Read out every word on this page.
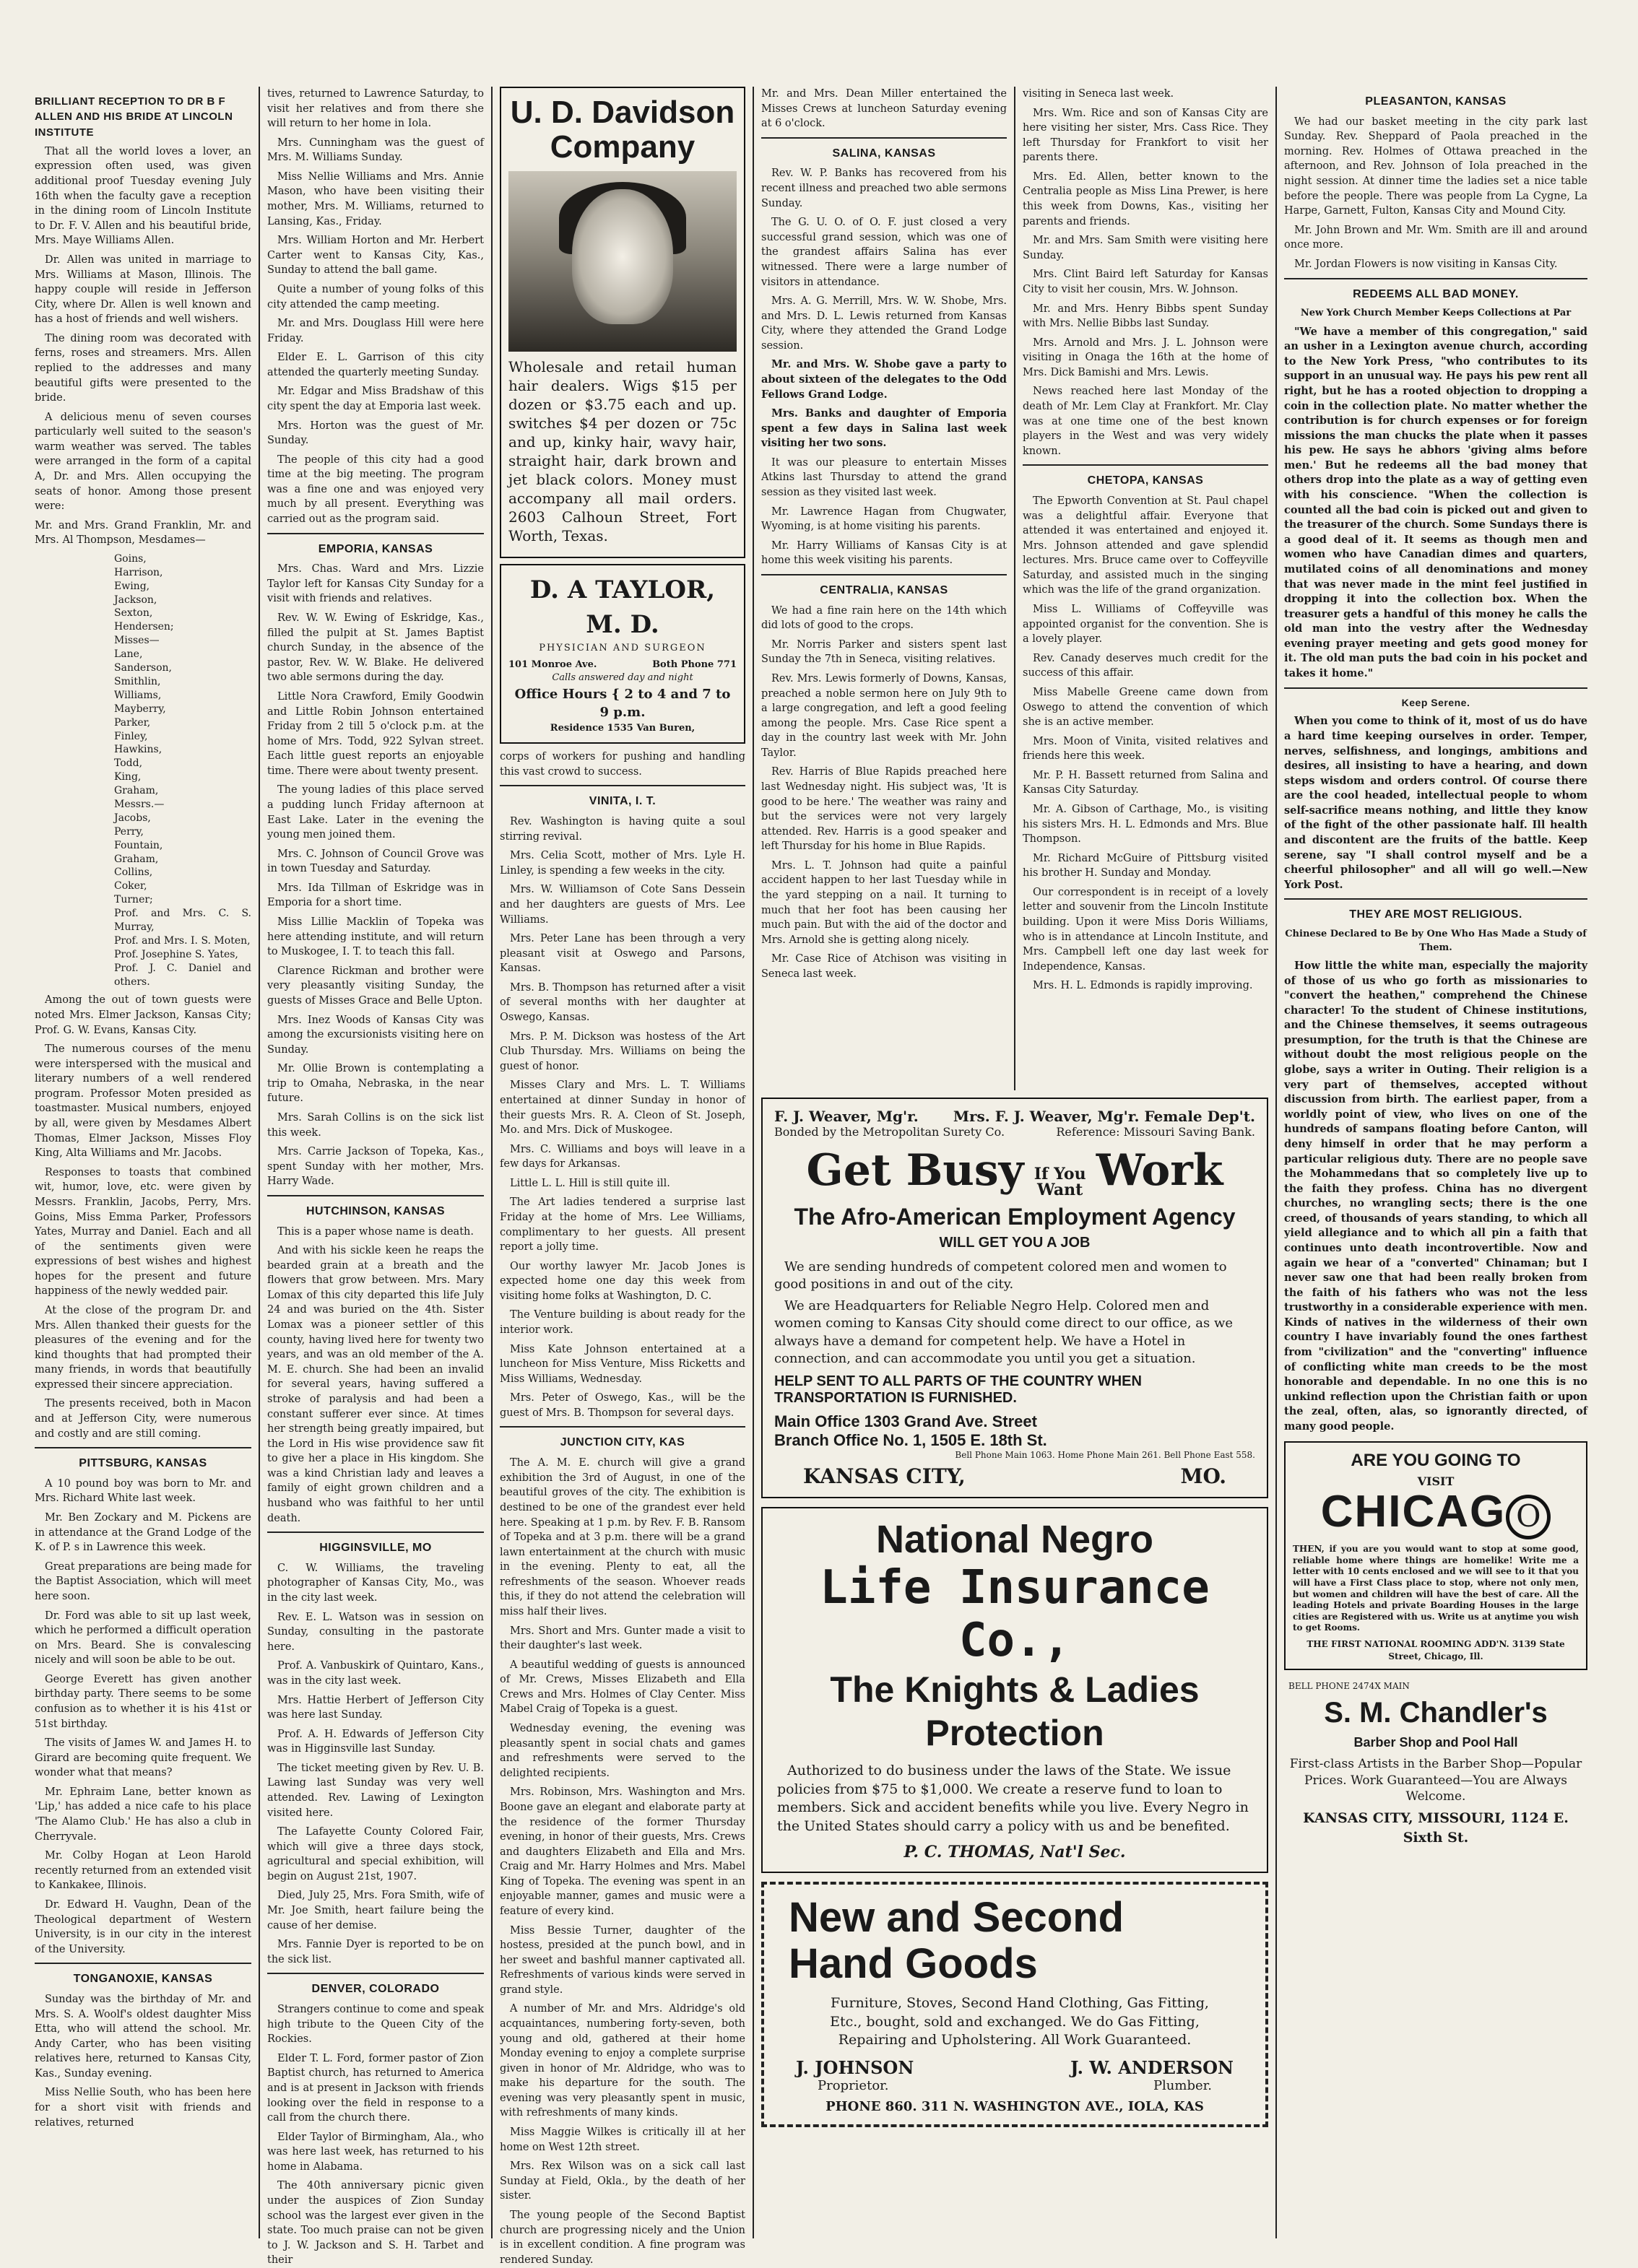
BRILLIANT RECEPTION TO DR B F ALLEN AND HIS BRIDE AT LINCOLN INSTITUTE

That all the world loves a lover, an expression often used, was given additional proof Tuesday evening July 16th when the faculty gave a reception in the dining room of Lincoln Institute to Dr. F. V. Allen and his beautiful bride, Mrs. Maye Williams Allen.

Dr. Allen was united in marriage to Mrs. Williams at Mason, Illinois. The happy couple will reside in Jefferson City, where Dr. Allen is well known and has a host of friends and well wishers.

The dining room was decorated with ferns, roses and streamers. Mrs. Allen replied to the addresses and many beautiful gifts were presented to the bride.

A delicious menu of seven courses particularly well suited to the season's warm weather was served. The tables were arranged in the form of a capital A, Dr. and Mrs. Allen occupying the seats of honor. Among those present were:

Mr. and Mrs. Grand Franklin, Mr. and Mrs. Al Thompson, Mesdames—

Goins,
Harrison,
Ewing,
Jackson,
Sexton,
Hendersen;
Misses—
Lane,
Sanderson,
Smithlin,
Williams,
Mayberry,
Parker,
Finley,
Hawkins,
Todd,
King,
Graham,
Messrs.—
Jacobs,
Perry,
Fountain,
Graham,
Collins,
Coker,
Turner;
Prof. and Mrs. C. S. Murray,
Prof. and Mrs. I. S. Moten,
Prof. Josephine S. Yates,
Prof. J. C. Daniel and others.

Among the out of town guests were noted Mrs. Elmer Jackson, Kansas City; Prof. G. W. Evans, Kansas City.

The numerous courses of the menu were interspersed with the musical and literary numbers of a well rendered program. Professor Moten presided as toastmaster. Musical numbers, enjoyed by all, were given by Mesdames Albert Thomas, Elmer Jackson, Misses Floy King, Alta Williams and Mr. Jacobs.

Responses to toasts that combined wit, humor, love, etc. were given by Messrs. Franklin, Jacobs, Perry, Mrs. Goins, Miss Emma Parker, Professors Yates, Murray and Daniel. Each and all of the sentiments given were expressions of best wishes and highest hopes for the present and future happiness of the newly wedded pair.

At the close of the program Dr. and Mrs. Allen thanked their guests for the pleasures of the evening and for the kind thoughts that had prompted their many friends, in words that beautifully expressed their sincere appreciation.

The presents received, both in Macon and at Jefferson City, were numerous and costly and are still coming.

PITTSBURG, KANSAS

A 10 pound boy was born to Mr. and Mrs. Richard White last week.

Mr. Ben Zockary and M. Pickens are in attendance at the Grand Lodge of the K. of P. s in Lawrence this week.

Great preparations are being made for the Baptist Association, which will meet here soon.

Dr. Ford was able to sit up last week, which he performed a difficult operation on Mrs. Beard. She is convalescing nicely and will soon be able to be out.

George Everett has given another birthday party. There seems to be some confusion as to whether it is his 41st or 51st birthday.

The visits of James W. and James H. to Girard are becoming quite frequent. We wonder what that means?

Mr. Ephraim Lane, better known as 'Lip,' has added a nice cafe to his place 'The Alamo Club.' He has also a club in Cherryvale.

Mr. Colby Hogan at Leon Harold recently returned from an extended visit to Kankakee, Illinois.

Dr. Edward H. Vaughn, Dean of the Theological department of Western University, is in our city in the interest of the University.

TONGANOXIE, KANSAS

Sunday was the birthday of Mr. and Mrs. S. A. Woolf's oldest daughter Miss Etta, who will attend the school. Mr. Andy Carter, who has been visiting relatives here, returned to Kansas City, Kas., Sunday evening.

Miss Nellie South, who has been here for a short visit with friends and relatives, returned

tives, returned to Lawrence Saturday, to visit her relatives and from there she will return to her home in Iola.

Mrs. Cunningham was the guest of Mrs. M. Williams Sunday.

Miss Nellie Williams and Mrs. Annie Mason, who have been visiting their mother, Mrs. M. Williams, returned to Lansing, Kas., Friday.

Mrs. William Horton and Mr. Herbert Carter went to Kansas City, Kas., Sunday to attend the ball game.

Quite a number of young folks of this city attended the camp meeting.

Mr. and Mrs. Douglass Hill were here Friday.

Elder E. L. Garrison of this city attended the quarterly meeting Sunday.

Mr. Edgar and Miss Bradshaw of this city spent the day at Emporia last week.

Mrs. Horton was the guest of Mr. Sunday.

The people of this city had a good time at the big meeting. The program was a fine one and was enjoyed very much by all present. Everything was carried out as the program said.

EMPORIA, KANSAS

Mrs. Chas. Ward and Mrs. Lizzie Taylor left for Kansas City Sunday for a visit with friends and relatives.

Rev. W. W. Ewing of Eskridge, Kas., filled the pulpit at St. James Baptist church Sunday, in the absence of the pastor, Rev. W. W. Blake. He delivered two able sermons during the day.

Little Nora Crawford, Emily Goodwin and Little Robin Johnson entertained Friday from 2 till 5 o'clock p.m. at the home of Mrs. Todd, 922 Sylvan street. Each little guest reports an enjoyable time. There were about twenty present.

The young ladies of this place served a pudding lunch Friday afternoon at East Lake. Later in the evening the young men joined them.

Mrs. C. Johnson of Council Grove was in town Tuesday and Saturday.

Mrs. Ida Tillman of Eskridge was in Emporia for a short time.

Miss Lillie Macklin of Topeka was here attending institute, and will return to Muskogee, I. T. to teach this fall.

Clarence Rickman and brother were very pleasantly visiting Sunday, the guests of Misses Grace and Belle Upton.

Mrs. Inez Woods of Kansas City was among the excursionists visiting here on Sunday.

Mr. Ollie Brown is contemplating a trip to Omaha, Nebraska, in the near future.

Mrs. Sarah Collins is on the sick list this week.

Mrs. Carrie Jackson of Topeka, Kas., spent Sunday with her mother, Mrs. Harry Wade.

HUTCHINSON, KANSAS

This is a paper whose name is death.

And with his sickle keen he reaps the bearded grain at a breath and the flowers that grow between. Mrs. Mary Lomax of this city departed this life July 24 and was buried on the 4th. Sister Lomax was a pioneer settler of this county, having lived here for twenty two years, and was an old member of the A. M. E. church. She had been an invalid for several years, having suffered a stroke of paralysis and had been a constant sufferer ever since. At times her strength being greatly impaired, but the Lord in His wise providence saw fit to give her a place in His kingdom. She was a kind Christian lady and leaves a family of eight grown children and a husband who was faithful to her until death.

HIGGINSVILLE, MO

C. W. Williams, the traveling photographer of Kansas City, Mo., was in the city last week.

Rev. E. L. Watson was in session on Sunday, consulting in the pastorate here.

Prof. A. Vanbuskirk of Quintaro, Kans., was in the city last week.

Mrs. Hattie Herbert of Jefferson City was here last Sunday.

Prof. A. H. Edwards of Jefferson City was in Higginsville last Sunday.

The ticket meeting given by Rev. U. B. Lawing last Sunday was very well attended. Rev. Lawing of Lexington visited here.

The Lafayette County Colored Fair, which will give a three days stock, agricultural and special exhibition, will begin on August 21st, 1907.

Died, July 25, Mrs. Fora Smith, wife of Mr. Joe Smith, heart failure being the cause of her demise.

Mrs. Fannie Dyer is reported to be on the sick list.

DENVER, COLORADO

Strangers continue to come and speak high tribute to the Queen City of the Rockies.

Elder T. L. Ford, former pastor of Zion Baptist church, has returned to America and is at present in Jackson with friends looking over the field in response to a call from the church there.

Elder Taylor of Birmingham, Ala., who was here last week, has returned to his home in Alabama.

The 40th anniversary picnic given under the auspices of Zion Sunday school was the largest ever given in the state. Too much praise can not be given to J. W. Jackson and S. H. Tarbet and their

U. D. Davidson Company

Wholesale and retail human hair dealers. Wigs $15 per dozen or $3.75 each and up. switches $4 per dozen or 75c and up, kinky hair, wavy hair, straight hair, dark brown and jet black colors. Money must accompany all mail orders. 2603 Calhoun Street, Fort Worth, Texas.

D. A TAYLOR, M. D.
PHYSICIAN AND SURGEON
101 Monroe Ave.	Both Phone 771
Calls answered day and night
Office Hours { 2 to 4 and 7 to 9 p.m.
Residence 1535 Van Buren,

corps of workers for pushing and handling this vast crowd to success.

VINITA, I. T.

Rev. Washington is having quite a soul stirring revival.

Mrs. Celia Scott, mother of Mrs. Lyle H. Linley, is spending a few weeks in the city.

Mrs. W. Williamson of Cote Sans Dessein and her daughters are guests of Mrs. Lee Williams.

Mrs. Peter Lane has been through a very pleasant visit at Oswego and Parsons, Kansas.

Mrs. B. Thompson has returned after a visit of several months with her daughter at Oswego, Kansas.

Mrs. P. M. Dickson was hostess of the Art Club Thursday. Mrs. Williams on being the guest of honor.

Misses Clary and Mrs. L. T. Williams entertained at dinner Sunday in honor of their guests Mrs. R. A. Cleon of St. Joseph, Mo. and Mrs. Dick of Muskogee.

Mrs. C. Williams and boys will leave in a few days for Arkansas.

Little L. L. Hill is still quite ill.

The Art ladies tendered a surprise last Friday at the home of Mrs. Lee Williams, complimentary to her guests. All present report a jolly time.

Our worthy lawyer Mr. Jacob Jones is expected home one day this week from visiting home folks at Washington, D. C.

The Venture building is about ready for the interior work.

Miss Kate Johnson entertained at a luncheon for Miss Venture, Miss Ricketts and Miss Williams, Wednesday.

Mrs. Peter of Oswego, Kas., will be the guest of Mrs. B. Thompson for several days.

JUNCTION CITY, KAS

The A. M. E. church will give a grand exhibition the 3rd of August, in one of the beautiful groves of the city. The exhibition is destined to be one of the grandest ever held here. Speaking at 1 p.m. by Rev. F. B. Ransom of Topeka and at 3 p.m. there will be a grand lawn entertainment at the church with music in the evening. Plenty to eat, all the refreshments of the season. Whoever reads this, if they do not attend the celebration will miss half their lives.

Mrs. Short and Mrs. Gunter made a visit to their daughter's last week.

A beautiful wedding of guests is announced of Mr. Crews, Misses Elizabeth and Ella Crews and Mrs. Holmes of Clay Center. Miss Mabel Craig of Topeka is a guest.

Wednesday evening, the evening was pleasantly spent in social chats and games and refreshments were served to the delighted recipients.

Mrs. Robinson, Mrs. Washington and Mrs. Boone gave an elegant and elaborate party at the residence of the former Thursday evening, in honor of their guests, Mrs. Crews and daughters Elizabeth and Ella and Mrs. Craig and Mr. Harry Holmes and Mrs. Mabel King of Topeka. The evening was spent in an enjoyable manner, games and music were a feature of every kind.

Miss Bessie Turner, daughter of the hostess, presided at the punch bowl, and in her sweet and bashful manner captivated all. Refreshments of various kinds were served in grand style.

A number of Mr. and Mrs. Aldridge's old acquaintances, numbering forty-seven, both young and old, gathered at their home Monday evening to enjoy a complete surprise given in honor of Mr. Aldridge, who was to make his departure for the south. The evening was very pleasantly spent in music, with refreshments of many kinds.

Miss Maggie Wilkes is critically ill at her home on West 12th street.

Mrs. Rex Wilson was on a sick call last Sunday at Field, Okla., by the death of her sister.

The young people of the Second Baptist church are progressing nicely and the Union is in excellent condition. A fine program was rendered Sunday.

Mr. and Mrs. Dean Miller entertained the Misses Crews at luncheon Saturday evening at 6 o'clock.

SALINA, KANSAS

Rev. W. P. Banks has recovered from his recent illness and preached two able sermons Sunday.

The G. U. O. of O. F. just closed a very successful grand session, which was one of the grandest affairs Salina has ever witnessed. There were a large number of visitors in attendance.

Mrs. A. G. Merrill, Mrs. W. W. Shobe, Mrs. and Mrs. D. L. Lewis returned from Kansas City, where they attended the Grand Lodge session.

Mr. and Mrs. W. Shobe gave a party to about sixteen of the delegates to the Odd Fellows Grand Lodge.

Mrs. Banks and daughter of Emporia spent a few days in Salina last week visiting her two sons.

It was our pleasure to entertain Misses Atkins last Thursday to attend the grand session as they visited last week.

Mr. Lawrence Hagan from Chugwater, Wyoming, is at home visiting his parents.

Mr. Harry Williams of Kansas City is at home this week visiting his parents.

CENTRALIA, KANSAS

We had a fine rain here on the 14th which did lots of good to the crops.

Mr. Norris Parker and sisters spent last Sunday the 7th in Seneca, visiting relatives.

Rev. Mrs. Lewis formerly of Downs, Kansas, preached a noble sermon here on July 9th to a large congregation, and left a good feeling among the people. Mrs. Case Rice spent a day in the country last week with Mr. John Taylor.

Rev. Harris of Blue Rapids preached here last Wednesday night. His subject was, 'It is good to be here.' The weather was rainy and but the services were not very largely attended. Rev. Harris is a good speaker and left Thursday for his home in Blue Rapids.

Mrs. L. T. Johnson had quite a painful accident happen to her last Tuesday while in the yard stepping on a nail. It turning to much that her foot has been causing her much pain. But with the aid of the doctor and Mrs. Arnold she is getting along nicely.

Mr. Case Rice of Atchison was visiting in Seneca last week.

visiting in Seneca last week.

Mrs. Wm. Rice and son of Kansas City are here visiting her sister, Mrs. Cass Rice. They left Thursday for Frankfort to visit her parents there.

Mrs. Ed. Allen, better known to the Centralia people as Miss Lina Prewer, is here this week from Downs, Kas., visiting her parents and friends.

Mr. and Mrs. Sam Smith were visiting here Sunday.

Mrs. Clint Baird left Saturday for Kansas City to visit her cousin, Mrs. W. Johnson.

Mr. and Mrs. Henry Bibbs spent Sunday with Mrs. Nellie Bibbs last Sunday.

Mrs. Arnold and Mrs. J. L. Johnson were visiting in Onaga the 16th at the home of Mrs. Dick Bamishi and Mrs. Lewis.

News reached here last Monday of the death of Mr. Lem Clay at Frankfort. Mr. Clay was at one time one of the best known players in the West and was very widely known.

CHETOPA, KANSAS

The Epworth Convention at St. Paul chapel was a delightful affair. Everyone that attended it was entertained and enjoyed it. Mrs. Johnson attended and gave splendid lectures. Mrs. Bruce came over to Coffeyville Saturday, and assisted much in the singing which was the life of the grand organization.

Miss L. Williams of Coffeyville was appointed organist for the convention. She is a lovely player.

Rev. Canady deserves much credit for the success of this affair.

Miss Mabelle Greene came down from Oswego to attend the convention of which she is an active member.

Mrs. Moon of Vinita, visited relatives and friends here this week.

Mr. P. H. Bassett returned from Salina and Kansas City Saturday.

Mr. A. Gibson of Carthage, Mo., is visiting his sisters Mrs. H. L. Edmonds and Mrs. Blue Thompson.

Mr. Richard McGuire of Pittsburg visited his brother H. Sunday and Monday.

Our correspondent is in receipt of a lovely letter and souvenir from the Lincoln Institute building. Upon it were Miss Doris Williams, who is in attendance at Lincoln Institute, and Mrs. Campbell left one day last week for Independence, Kansas.

Mrs. H. L. Edmonds is rapidly improving.

F. J. Weaver, Mg'r. Mrs. F. J. Weaver, Mg'r. Female Dep't.
Bonded by the Metropolitan Surety Co.	Reference: Missouri Saving Bank.
Get Busy If You Want Work
The Afro-American Employment Agency
WILL GET YOU A JOB

We are sending hundreds of competent colored men and women to good positions in and out of the city.

We are Headquarters for Reliable Negro Help. Colored men and women coming to Kansas City should come direct to our office, as we always have a demand for competent help. We have a Hotel in connection, and can accommodate you until you get a situation.

HELP SENT TO ALL PARTS OF THE COUNTRY WHEN TRANSPORTATION IS FURNISHED.
Main Office 1303 Grand Ave. Street
Branch Office No. 1, 1505 E. 18th St.
Bell Phone Main 1063. Home Phone Main 261. Bell Phone East 558.
KANSAS CITY,	MO.
National Negro
Life Insurance Co.,
The Knights & Ladies
Protection

Authorized to do business under the laws of the State. We issue policies from $75 to $1,000. We create a reserve fund to loan to members. Sick and accident benefits while you live. Every Negro in the United States should carry a policy with us and be benefited.

P. C. THOMAS, Nat'l Sec.
New and Second
Hand Goods

Furniture, Stoves, Second Hand Clothing, Gas Fitting, Etc., bought, sold and exchanged. We do Gas Fitting, Repairing and Upholstering. All Work Guaranteed.

J. JOHNSON	J. W. ANDERSON
Proprietor.	Plumber.
PHONE 860. 311 N. WASHINGTON AVE., IOLA, KAS
PLEASANTON, KANSAS

We had our basket meeting in the city park last Sunday. Rev. Sheppard of Paola preached in the morning. Rev. Holmes of Ottawa preached in the afternoon, and Rev. Johnson of Iola preached in the night session. At dinner time the ladies set a nice table before the people. There was people from La Cygne, La Harpe, Garnett, Fulton, Kansas City and Mound City.

Mr. John Brown and Mr. Wm. Smith are ill and around once more.

Mr. Jordan Flowers is now visiting in Kansas City.

REDEEMS ALL BAD MONEY.
New York Church Member Keeps Collections at Par

"We have a member of this congregation," said an usher in a Lexington avenue church, according to the New York Press, "who contributes to its support in an unusual way. He pays his pew rent all right, but he has a rooted objection to dropping a coin in the collection plate. No matter whether the contribution is for church expenses or for foreign missions the man chucks the plate when it passes his pew. He says he abhors 'giving alms before men.' But he redeems all the bad money that others drop into the plate as a way of getting even with his conscience. "When the collection is counted all the bad coin is picked out and given to the treasurer of the church. Some Sundays there is a good deal of it. It seems as though men and women who have Canadian dimes and quarters, mutilated coins of all denominations and money that was never made in the mint feel justified in dropping it into the collection box. When the treasurer gets a handful of this money he calls the old man into the vestry after the Wednesday evening prayer meeting and gets good money for it. The old man puts the bad coin in his pocket and takes it home."

Keep Serene.

When you come to think of it, most of us do have a hard time keeping ourselves in order. Temper, nerves, selfishness, and longings, ambitions and desires, all insisting to have a hearing, and down steps wisdom and orders control. Of course there are the cool headed, intellectual people to whom self-sacrifice means nothing, and little they know of the fight of the other passionate half. Ill health and discontent are the fruits of the battle. Keep serene, say "I shall control myself and be a cheerful philosopher" and all will go well.—New York Post.

THEY ARE MOST RELIGIOUS.
Chinese Declared to Be by One Who Has Made a Study of Them.

How little the white man, especially the majority of those of us who go forth as missionaries to "convert the heathen," comprehend the Chinese character! To the student of Chinese institutions, and the Chinese themselves, it seems outrageous presumption, for the truth is that the Chinese are without doubt the most religious people on the globe, says a writer in Outing. Their religion is a very part of themselves, accepted without discussion from birth. The earliest paper, from a worldly point of view, who lives on one of the hundreds of sampans floating before Canton, will deny himself in order that he may perform a particular religious duty. There are no people save the Mohammedans that so completely live up to the faith they profess. China has no divergent churches, no wrangling sects; there is the one creed, of thousands of years standing, to which all yield allegiance and to which all pin a faith that continues unto death incontrovertible. Now and again we hear of a "converted" Chinaman; but I never saw one that had been really broken from the faith of his fathers who was not the less trustworthy in a considerable experience with men. Kinds of natives in the wilderness of their own country I have invariably found the ones farthest from "civilization" and the "converting" influence of conflicting white man creeds to be the most honorable and dependable. In no one this is no unkind reflection upon the Christian faith or upon the zeal, often, alas, so ignorantly directed, of many good people.

ARE YOU GOING TO
VISIT
CHICAG O

THEN, if you are you would want to stop at some good, reliable home where things are homelike! Write me a letter with 10 cents enclosed and we will see to it that you will have a First Class place to stop, where not only men, but women and children will have the best of care. All the leading Hotels and private Boarding Houses in the large cities are Registered with us. Write us at anytime you wish to get Rooms.

THE FIRST NATIONAL ROOMING ADD'N. 3139 State Street, Chicago, Ill.
BELL PHONE 2474X MAIN
S. M. Chandler's
Barber Shop and Pool Hall

First-class Artists in the Barber Shop—Popular Prices. Work Guaranteed—You are Always Welcome.

KANSAS CITY, MISSOURI, 1124 E. Sixth St.
